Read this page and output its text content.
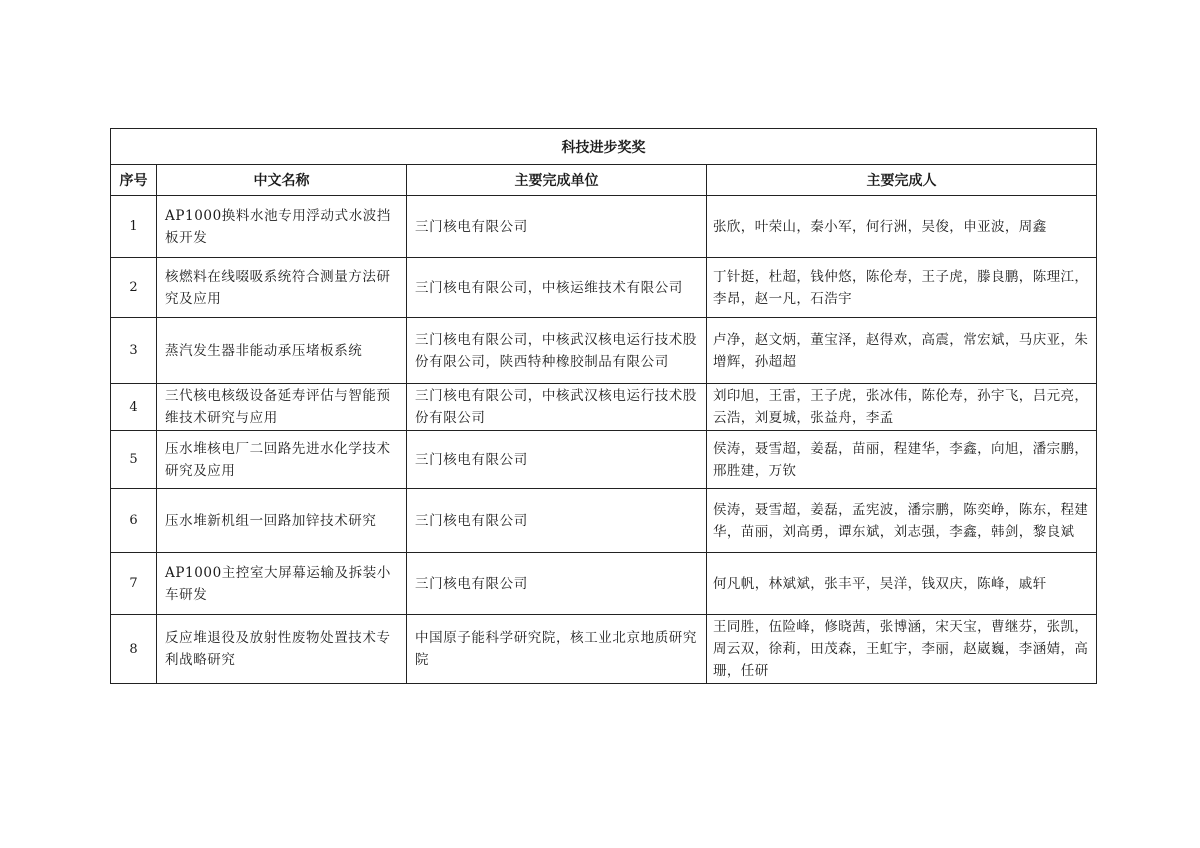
科技进步奖奖			
序号	中文名称	主要完成单位	主要完成人
1	AP1000换料水池专用浮动式水波挡板开发	三门核电有限公司	张欣，叶荣山，秦小军，何行洲，吴俊，申亚波，周鑫
2	核燃料在线啜吸系统符合测量方法研究及应用	三门核电有限公司，中核运维技术有限公司	丁针挺，杜超，钱仲悠，陈伦寿，王子虎，滕良鹏，陈理江，李昂，赵一凡，石浩宇
3	蒸汽发生器非能动承压堵板系统	三门核电有限公司，中核武汉核电运行技术股份有限公司，陕西特种橡胶制品有限公司	卢净，赵文炳，董宝泽，赵得欢，高震，常宏斌，马庆亚，朱增辉，孙超超
4	三代核电核级设备延寿评估与智能预维技术研究与应用	三门核电有限公司，中核武汉核电运行技术股份有限公司	刘印旭，王雷，王子虎，张冰伟，陈伦寿，孙宇飞，吕元亮，云浩，刘夏城，张益舟，李孟
5	压水堆核电厂二回路先进水化学技术研究及应用	三门核电有限公司	侯涛，聂雪超，姜磊，苗丽，程建华，李鑫，向旭，潘宗鹏，邢胜建，万钦
6	压水堆新机组一回路加锌技术研究	三门核电有限公司	侯涛，聂雪超，姜磊，孟宪波，潘宗鹏，陈奕峥，陈东，程建华，苗丽，刘高勇，谭东斌，刘志强，李鑫，韩剑，黎良斌
7	AP1000主控室大屏幕运输及拆装小车研发	三门核电有限公司	何凡帆，林斌斌，张丰平，吴洋，钱双庆，陈峰，戚轩
8	反应堆退役及放射性废物处置技术专利战略研究	中国原子能科学研究院，核工业北京地质研究院	王同胜，伍险峰，修晓茜，张博涵，宋天宝，曹继芬，张凯，周云双，徐莉，田茂森，王虹宇，李丽，赵崴巍，李涵婧，高珊，任研
